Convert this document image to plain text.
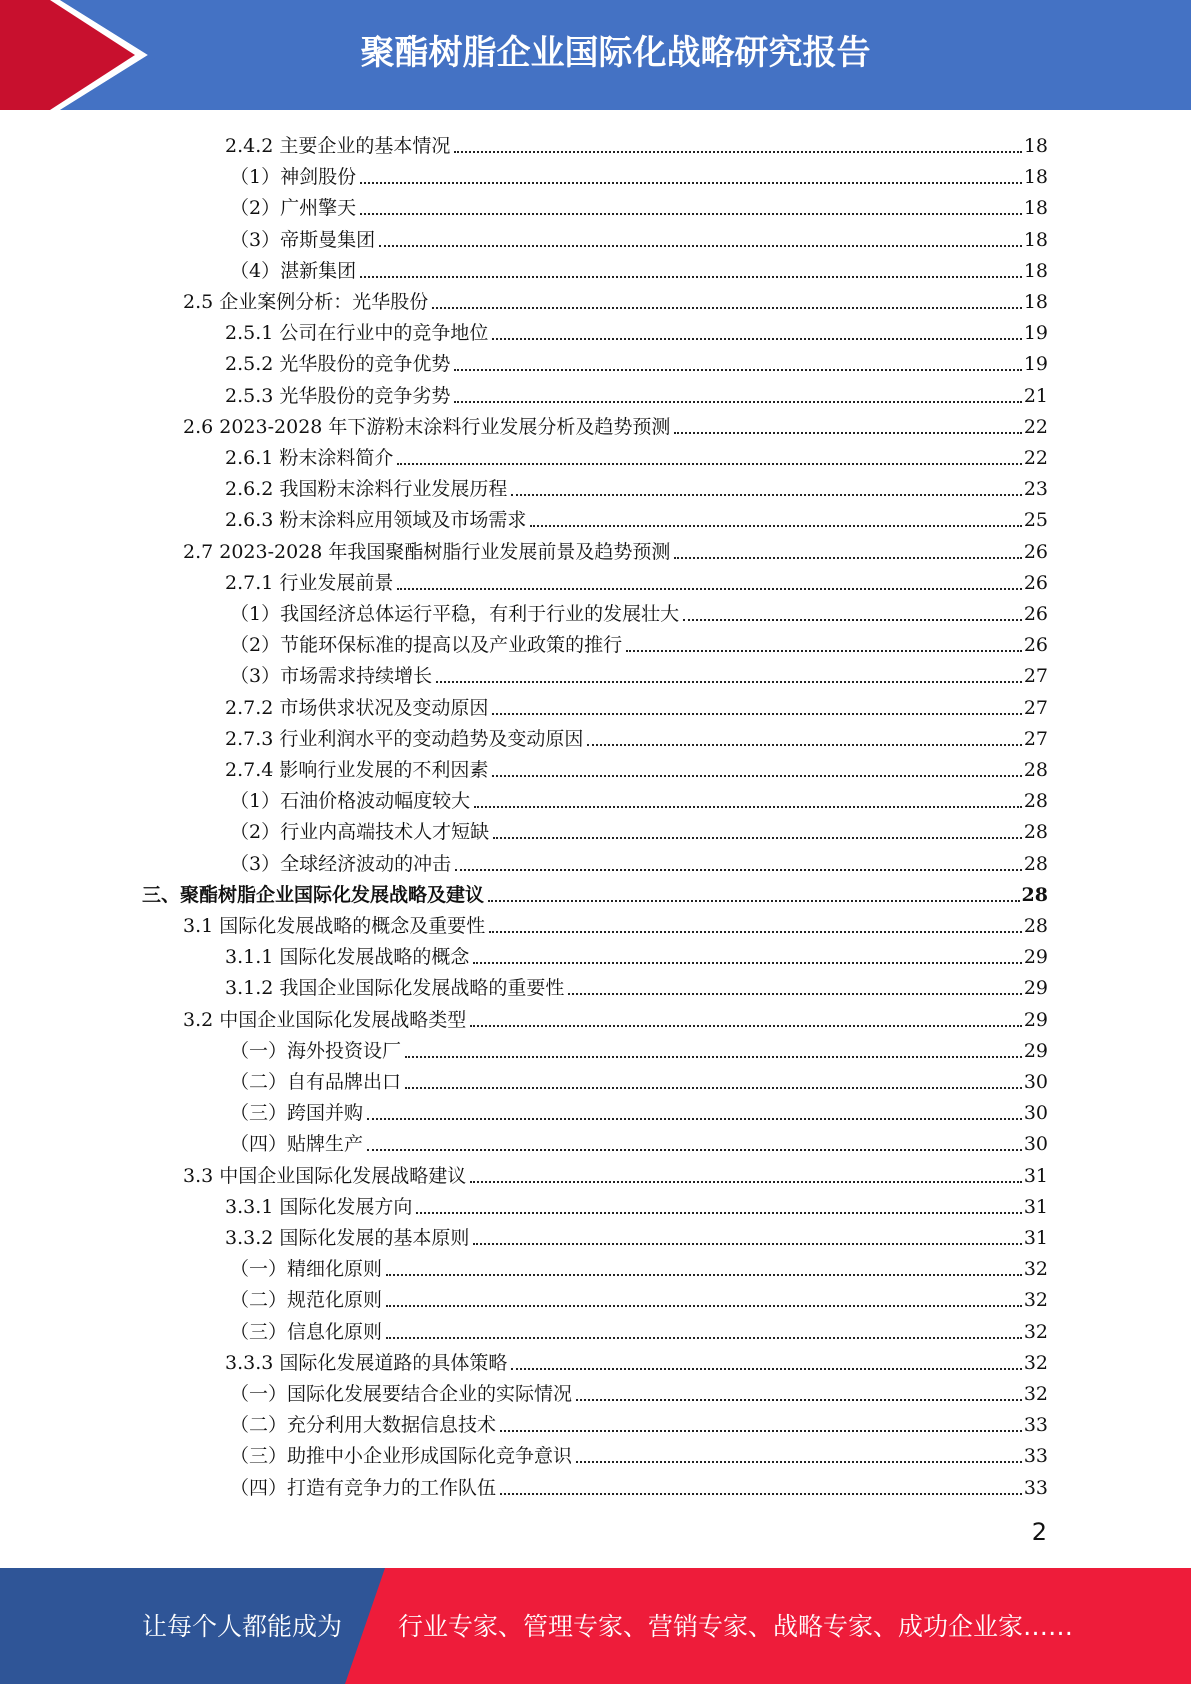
聚酯树脂企业国际化战略研究报告
2.4.2 主要企业的基本情况	18
（1）神剑股份	18
（2）广州擎天	18
（3）帝斯曼集团	18
（4）湛新集团	18
2.5 企业案例分析：光华股份	18
2.5.1 公司在行业中的竞争地位	19
2.5.2 光华股份的竞争优势	19
2.5.3 光华股份的竞争劣势	21
2.6 2023-2028 年下游粉末涂料行业发展分析及趋势预测	22
2.6.1 粉末涂料简介	22
2.6.2 我国粉末涂料行业发展历程	23
2.6.3 粉末涂料应用领域及市场需求	25
2.7 2023-2028 年我国聚酯树脂行业发展前景及趋势预测	26
2.7.1 行业发展前景	26
（1）我国经济总体运行平稳，有利于行业的发展壮大	26
（2）节能环保标准的提高以及产业政策的推行	26
（3）市场需求持续增长	27
2.7.2 市场供求状况及变动原因	27
2.7.3 行业利润水平的变动趋势及变动原因	27
2.7.4 影响行业发展的不利因素	28
（1）石油价格波动幅度较大	28
（2）行业内高端技术人才短缺	28
（3）全球经济波动的冲击	28
三、聚酯树脂企业国际化发展战略及建议	28
3.1 国际化发展战略的概念及重要性	28
3.1.1 国际化发展战略的概念	29
3.1.2 我国企业国际化发展战略的重要性	29
3.2 中国企业国际化发展战略类型	29
（一）海外投资设厂	29
（二）自有品牌出口	30
（三）跨国并购	30
（四）贴牌生产	30
3.3 中国企业国际化发展战略建议	31
3.3.1 国际化发展方向	31
3.3.2 国际化发展的基本原则	31
（一）精细化原则	32
（二）规范化原则	32
（三）信息化原则	32
3.3.3 国际化发展道路的具体策略	32
（一）国际化发展要结合企业的实际情况	32
（二）充分利用大数据信息技术	33
（三）助推中小企业形成国际化竞争意识	33
（四）打造有竞争力的工作队伍	33
2
让每个人都能成为 行业专家、管理专家、营销专家、战略专家、成功企业家……
